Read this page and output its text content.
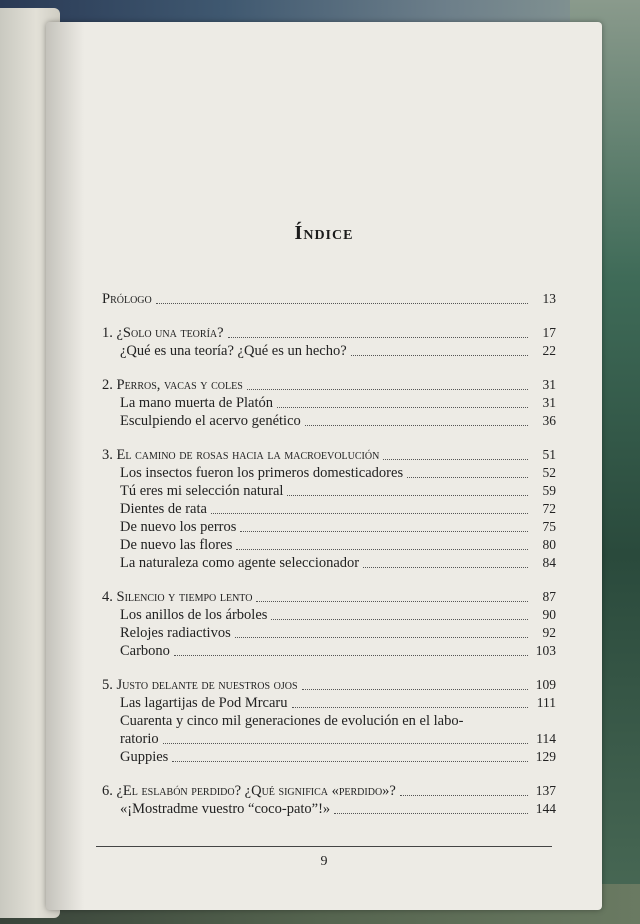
Índice
Prólogo	13
1. ¿Solo una teoría?	17
¿Qué es una teoría? ¿Qué es un hecho?	22
2. Perros, vacas y coles	31
La mano muerta de Platón	31
Esculpiendo el acervo genético	36
3. El camino de rosas hacia la macroevolución	51
Los insectos fueron los primeros domesticadores	52
Tú eres mi selección natural	59
Dientes de rata	72
De nuevo los perros	75
De nuevo las flores	80
La naturaleza como agente seleccionador	84
4. Silencio y tiempo lento	87
Los anillos de los árboles	90
Relojes radiactivos	92
Carbono	103
5. Justo delante de nuestros ojos	109
Las lagartijas de Pod Mrcaru	111
Cuarenta y cinco mil generaciones de evolución en el labo-
ratorio	114
Guppies	129
6. ¿El eslabón perdido? ¿Qué significa «perdido»?	137
«¡Mostradme vuestro “coco-pato”!»	144
9
